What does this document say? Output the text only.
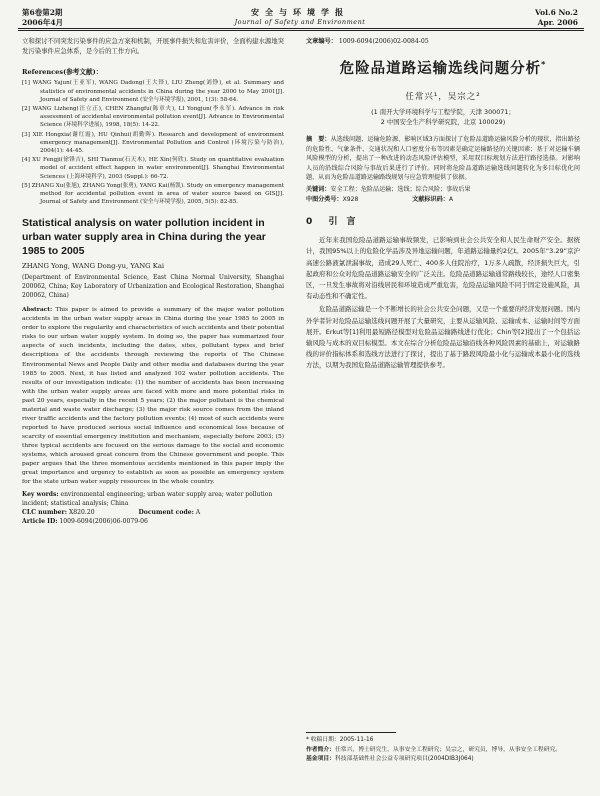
第6卷第2期
2006年4月
安全与环境学报
Journal of Safety and Environment
Vol.6 No.2
Apr. 2006

立和探讨不同突发污染事件的应急方案和机制，开展事件损失和危害评价，全面构建水源地突发污染事件应急体系，是今后的工作方向。

References(参考文献)：

[1] WANG Yajun(王亚军), WANG Dadong(王大铎), LIU Zheng(刘铮), et al. Summary and statistics of environmental accidents in China during the year 2000 to May 2001[J]. Journal of Safety and Environment (安全与环境学报), 2001, 1(3): 58-64.

[2] WANG Lizheng(汪立正), CHEN Zhangfu(陈章夫), LI Yongjun(李永军). Advance in risk assessment of accidental environmental pollution event[J]. Advance in Environmental Science (环境科学进展), 1998, 18(5): 14-22.

[3] XIE Hongxia(谢红霞), HU Qinhui(胡勤晖). Research and development of environment emergency management[J]. Environmental Pollution and Control (环境污染与防治), 2004(1): 44-45.

[4] XU Fengji(徐锋吉), SHI Tianmu(石天木), HE Xin(何欣). Study on quantitative evaluation model of accident effect happen in water environment[J]. Shanghai Environmental Sciences (上海环境科学), 2003 (Suppl.): 66-72.

[5] ZHANG Xu(张旭), ZHANG Yong(张勇), YANG Kai(杨凯). Study on emergency management method for accidental pollution event in area of water source based on GIS[J]. Journal of Safety and Environment (安全与环境学报), 2005, 5(5): 82-85.

Statistical analysis on water pollution incident in urban water supply area in China during the year 1985 to 2005
ZHANG Yong, WANG Dong-yu, YANG Kai
(Department of Environmental Science, East China Normal University, Shanghai 200062, China; Key Laboratory of Urbanization and Ecological Restoration, Shanghai 200062, China)

Abstract: This paper is aimed to provide a summary of the major water pollution accidents in the urban water supply areas in China during the year 1985 to 2005 in order to explore the regularity and characteristics of such accidents and their potential risks to our urban water supply system. In doing so, the paper has summarized four aspects of such incidents, including the dates, sites, pollutant types and brief descriptions of the accidents through reviewing the reports of The Chinese Environmental News and People Daily and other media and databases during the year 1985 to 2005. Next, it has listed and analyzed 102 water pollution accidents. The results of our investigation indicate: (1) the number of accidents has been increasing with the urban water supply areas are faced with more and more potential risks in past 20 years, especially in the recent 5 years; (2) the major pollutant is the chemical material and waste water discharge; (3) the major risk source comes from the inland river traffic accidents and the factory pollution events; (4) most of such accidents were reported to have produced serious social influence and economical loss because of scarcity of essential emergency institution and mechanism, especially before 2003; (5) three typical accidents are focused on the serious damage to the social and economic systems, which aroused great concern from the Chinese government and people. This paper argues that the three momentous accidents mentioned in this paper imply the great importance and urgency to establish as soon as possible an emergency system for the state urban water supply resources in the whole country.

Key words: environmental engineering; urban water supply area; water pollution incident; statistical analysis; China

CLC number: X820.20	Document code: A

Article ID: 1009-6094(2006)06-0079-06

文章编号： 1009-6094(2006)02-0084-05
危险品道路运输选线问题分析*
任常兴¹，吴宗之²
(1 南开大学环境科学与工程学院，天津 300071；
2 中国安全生产科学研究院，北京 100029)

摘　要：从选线问题、运输危险源、影响区域3方面探讨了危险品道路运输风险分析的现状，指出路径的危险性、气象条件、交通状况和人口密度分布等因素是确定运输路径的关键因素；基于对运输车辆风险模型的分析，提出了一种改进的动态风险评估模型，采用双目标规划方法进行路径选择。对影响人员的沿线综合风险与事故后果进行了评价。同时将危险品道路运输选线问题转化为多目标优化问题，从而为危险品道路运输路线规划与应急管理提供了依据。

关键词：安全工程；危险品运输；选线；综合风险；事故后果

中图分类号：X928	文献标识码：A

0 引　言

近年来我国危险品道路运输事故频发，已影响到社会公共安全和人民生命财产安全。据统计，我国95%以上的危险化学品涉及异地运输问题，年道路运输量约2亿t。2005年“3.29”京沪高速公路液氯泄漏事故，造成29人死亡、400多人住院治疗，1万多人疏散，经济损失巨大，引起政府和公众对危险品道路运输安全的广泛关注。危险品道路运输通常路线较长，途经人口密集区，一旦发生事故将对沿线居民和环境造成严重危害，危险品运输风险不同于固定设施风险，具有动态性和不确定性。

危险品道路运输是一个不断增长的社会公共安全问题，又是一个重要的经济发展问题。国内外学者针对危险品运输选线问题开展了大量研究，主要从运输风险、运输成本、运输时间等方面展开。Erkut等[1]利用最短路径模型对危险品运输路线进行优化；Chin等[2]提出了一个包括运输风险与成本的双目标模型。本文在综合分析危险品运输沿线各种风险因素的基础上，对运输路线的评价指标体系和选线方法进行了探讨，提出了基于路段风险最小化与运输成本最小化的选线方法，以期为我国危险品道路运输管理提供参考。

* 收稿日期：2005-11-16
作者简介：任常兴，博士研究生，从事安全工程研究；吴宗之，研究员，博导，从事安全工程研究。
基金项目：科技部基础性社会公益专项研究项目(2004DIB3J064)
